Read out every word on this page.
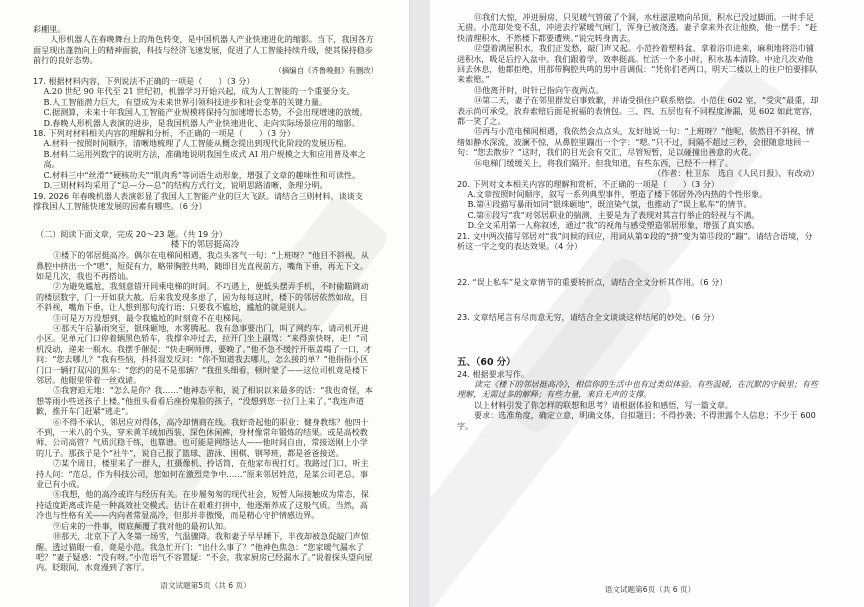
彩棚里。

人形机器人在春晚舞台上的角色转变，是中国机器人产业快速进化的缩影。当下，我国各方面呈现出蓬勃向上的精神面貌，科技与经济飞速发展，促进了人工智能持续升级，使其保持稳步前行的良好态势。

（摘编自《齐鲁晚报》有删改）

17. 根据材料内容，下列说法不正确的一项是（　　）（3 分）

A.20 世纪 90 年代至 21 世纪初，机器学习开始兴起，成为人工智能的一个重要分支。

B.人工智能潜力巨大，有望成为未来世界引领科技进步和社会变革的关键力量。

C.据测算，未来十年我国人工智能产业规模将保持匀加速增长态势，不会出现增速的放缓。

D.春晚人形机器人表演的进步，是我国机器人产业快速进化、走向实际场景应用的缩影。

18. 下列对材料相关内容的理解和分析，不正确的一项是（　　）（3 分）

A.材料一按照时间顺序，清晰地梳理了人工智能从概念提出到现代化阶段的发展历程。

B.材料二运用列数字的说明方法，准确地说明我国生成式 AI 用户规模之大和应用普及率之高。

C.材料三中“丝滑”“硬核功夫”“肌肉秀”等词语生动形象，增强了文章的趣味性和可读性。

D.三则材料均采用了“总—分—总”的结构方式行文，说明思路清晰，条理分明。

19. 2026 年春晚机器人表演彰显了我国人工智能产业的巨大飞跃。请结合三则材料，谈谈支撑我国人工智能快速发展的因素有哪些。（6 分）

（二）阅读下面文章，完成 20～23 题。（共 19 分）

楼下的邻居挺高冷

①楼下的邻居挺高冷。偶尔在电梯间相遇，我点头客气一句：“上班呀？”他目不斜视，从鼻腔中挤出一个“嗯”，短促有力，略带胸腔共鸣，随即目光直视前方，嘴角下垂，再无下文。如是几次，我也不再搭讪。

②为避免尴尬，我刻意错开同乘电梯的时间。不巧遇上，便低头摆弄手机，不时偷瞄跳动的楼层数字，门一开如获大赦。后来我发现多虑了，因为每每这时，楼下的邻居依然如故，目不斜视，嘴角下垂，让人想到那句流行语：只要我不尴尬，尴尬的就是别人。

③可是万万没想到，最令我尴尬的时刻竟不在电梯间。

④那天午后暴雨突至，银珠砸地，水雾腾起。我有急事要出门，叫了网约车，请司机开进小区。见单元门口停着辆黑色轿车，我撑伞冲过去，拉开门坐上副驾：“来得蛮快呀，走！”司机没动，递来一瓶水。我摆手催促：“快走啊师傅，要晚了。”他不急不缓拧开瓶盖喝了一口，才问：“您去哪儿？”我有些恼，抖抖湿发反问：“你不知道我去哪儿，怎么接的单？”他指指小区门口一辆打双闪的黑车：“您约的是不是那辆？”我扭头细看，顿时蒙了——这位司机竟是楼下邻居。他眼里带着一丝戏谑。

⑤我窘迫无地：“怎么是你？我……”他神态平和，说了相识以来最多的话：“我也奇怪，本想等雨小些送孩子上楼。”他扭头看看后座扮鬼脸的孩子，“没想到您一拉门上来了。”我连声道歉，推开车门赶紧“逃走”。

⑥不得不承认，邻居应对得体，高冷却情商在线。我好奇起他的职业：健身教练？他四十不到，一米八的个头，穿米黄羊绒加西装、深色休闲裤，身材像常年锻炼的结果。或是高校教师、公司高管？气质沉稳干练，也靠谱。也可能是网络达人——他时间自由，常接送刚上小学的儿子。那孩子是个“社牛”，说自己报了篮球、游泳、围棋、钢琴班，都是爸爸接送。

⑦某个周日，楼里来了一群人，扛摄像机、拎话筒，在他家布视打灯。我路过门口，听主持人问：“范总，作为科技公司，您如何在激烈竞争中……”原来邻居姓范，是某公司老总，事业已有小成。

⑧我想，他的高冷或许与经历有关。在步履匆匆的现代社会，短暂人际接触成为常态，保持适度距离或许是一种高效社交模式。估计在艰难打拼中，他逐渐养成了这般气质。当然，高冷也与性格有关——内向者常显高冷，但那并非傲慢，而是精心守护情感边界。

⑨后来的一件事，彻底颠覆了我对他的最初认知。

⑩那天，北京下了入冬第一场雪，气温骤降。我和妻子早早睡下，半夜却被急促敲门声惊醒。透过猫眼一看，竟是小范。我急忙开门：“出什么事了？”他神色焦急：“您家暖气漏水了吧？”妻子疑惑：“没有呀。”小范语气不容置疑：“不会，我家厨房已经漏水了。”说着探头望向屋内。眨眼间，水竟漫到了客厅。

语文试题第5页（共 6 页）

⑪我们大惊，冲进厨房，只见暖气管破了个洞，水柱滋滋喷向吊顶，积水已没过脚面。一时手足无措。小范却处变不乱，冲进去拧紧暖气闸门，浑身已被浇透。妻子拿来外衣让他换，他一摆手：“赶快清理积水，不然楼下都要遭殃。”说完转身离去。

⑫望着满屋积水，我们正发愁，敲门声又起。小范拎着塑料盆、拿着浴巾进来，麻利地将浴巾铺进积水，吸足后拧入盆中。我们跟着学，效率挺高。忙活一个多小时，积水基本清除。中途几次劝他回去休息，他都拒绝，用那带胸腔共鸣的男中音调侃：“凭你们老两口，明天二楼以上的住户怕要排队来索赔。”

⑬他离开时，时针已指向午夜两点。

⑭第二天，妻子在邻里群发启事致歉，并请受损住户联系赔偿。小范住 602 室，“受灾”最重，却表示尚可承受，放弃索赔后面是祝福的表情包。三、四、五层也有不同程度渗漏，见 602 如此宽容，都一笑了之。

⑮再与小范电梯间相遇，我依然会点点头，友好地说一句：“上班呀？”他呢，依然目不斜视，情绪如静水深流，波澜不惊，从鼻腔里蹦出一个字：“嗯。”只不过，间隔不超过三秒，会很随意地回一句：“您去散步？”这时，我们的目光会有交汇，尽管短暂，足以碰撞出善意的火花。

⑯电梯门缓缓关上，将我们隔开。但我知道，有些东西，已经不一样了。

（作者：杜卫东　选自《人民日报》，有改动）

20. 下列对文本相关内容的理解和赏析，不正确的一项是（　　）（3 分）

A.文章按照时间顺序，叙写一系列典型事件，塑造了楼下邻居外冷内热的个性形象。

B.第④段描写暴雨如同“银珠砸地”，既渲染气氛，也推动了“误上私车”的情节。

C.第⑥段写“我”对邻居职业的揣测，主要是为了表现对其言行举止的轻视与不满。

D.全文采用第一人称叙述，通过“我”的视角与感受塑造邻居形象，增强了真实感。

21. 文中两次描写邻居对“我”问候的回应，用词从第①段的“挤”变为第⑮段的“蹦”。请结合语境，分析这一字之变的表达效果。（4 分）

22. “误上私车”是文章情节的重要转折点，请结合全文分析其作用。（6 分）

23. 文章结尾言有尽而意无穷，请结合全文谈谈这样结尾的妙处。（6 分）

五、（60 分）

24. 根据要求写作。

读完《楼下的邻居挺高冷》，相信你的生活中也有过类似体验。有些温暖，在沉默的守候里；有些理解，无需过多的解释；有些力量，来自无声的支撑。

以上材料引发了你怎样的联想和思考？请根据体验和感悟，写一篇文章。

要求：选准角度，确定立意，明确文体，自拟题目；不得抄袭；不得泄露个人信息；不少于 600 字。

语文试题第6页（共 6 页）
